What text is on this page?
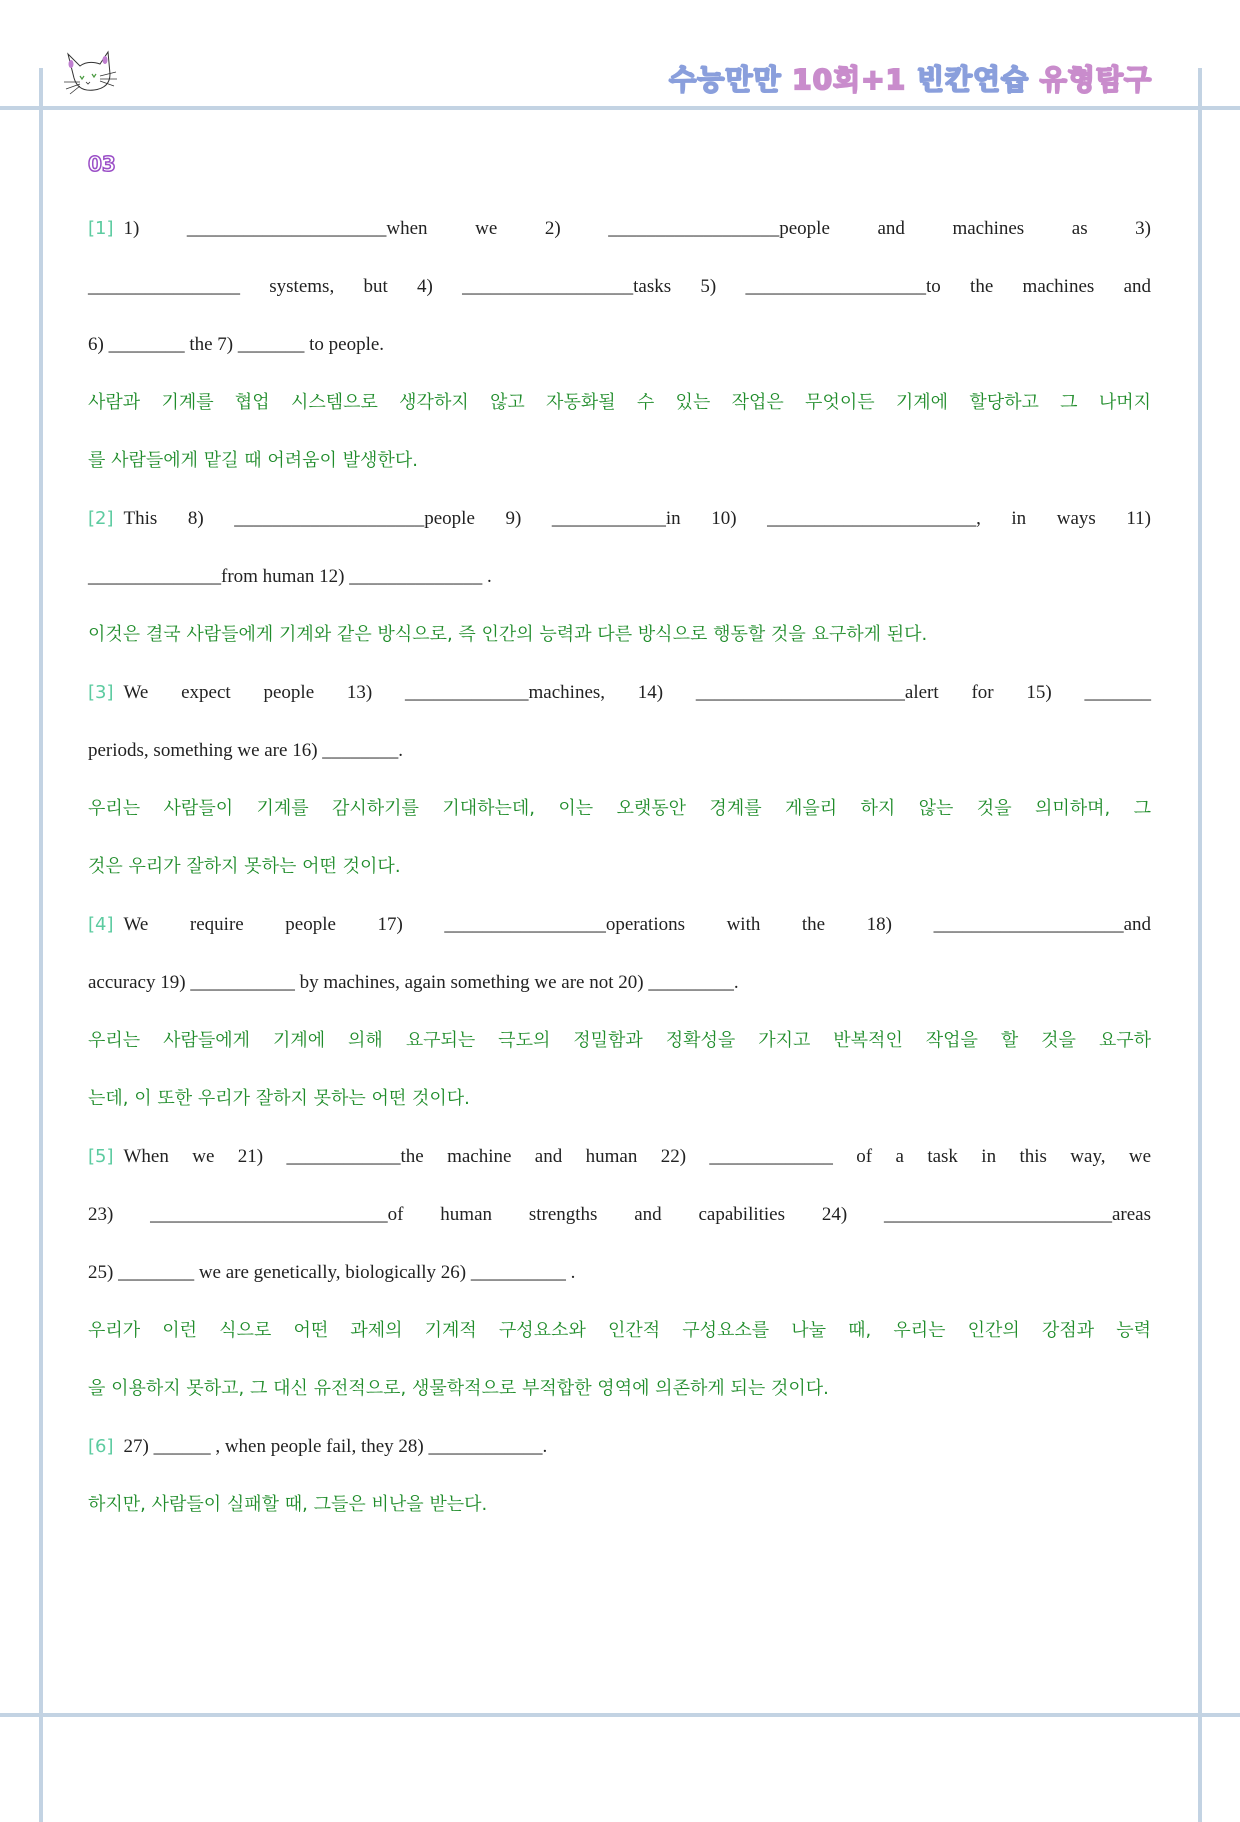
수능만만 10회+1 빈칸연습 유형탐구
03
[1] 1) _____________________when we 2) __________________people and machines as 3)
________________ systems, but 4) __________________tasks 5) ___________________to the machines and
6) ________ the 7) _______ to people.
사람과 기계를 협업 시스템으로 생각하지 않고 자동화될 수 있는 작업은 무엇이든 기계에 할당하고 그 나머지
를 사람들에게 맡길 때 어려움이 발생한다.
[2] This 8) ____________________people 9) ____________in 10) ______________________, in ways 11)
______________from human 12) ______________ .
이것은 결국 사람들에게 기계와 같은 방식으로, 즉 인간의 능력과 다른 방식으로 행동할 것을 요구하게 된다.
[3] We expect people 13) _____________machines, 14) ______________________alert for 15) _______
periods, something we are 16) ________.
우리는 사람들이 기계를 감시하기를 기대하는데, 이는 오랫동안 경계를 게을리 하지 않는 것을 의미하며, 그
것은 우리가 잘하지 못하는 어떤 것이다.
[4] We require people 17) _________________operations with the 18) ____________________and
accuracy 19) ___________ by machines, again something we are not 20) _________.
우리는 사람들에게 기계에 의해 요구되는 극도의 정밀함과 정확성을 가지고 반복적인 작업을 할 것을 요구하
는데, 이 또한 우리가 잘하지 못하는 어떤 것이다.
[5] When we 21) ____________the machine and human 22) _____________ of a task in this way, we
23) _________________________of human strengths and capabilities 24) ________________________areas
25) ________ we are genetically, biologically 26) __________ .
우리가 이런 식으로 어떤 과제의 기계적 구성요소와 인간적 구성요소를 나눌 때, 우리는 인간의 강점과 능력
을 이용하지 못하고, 그 대신 유전적으로, 생물학적으로 부적합한 영역에 의존하게 되는 것이다.
[6] 27) ______ , when people fail, they 28) ____________.
하지만, 사람들이 실패할 때, 그들은 비난을 받는다.
